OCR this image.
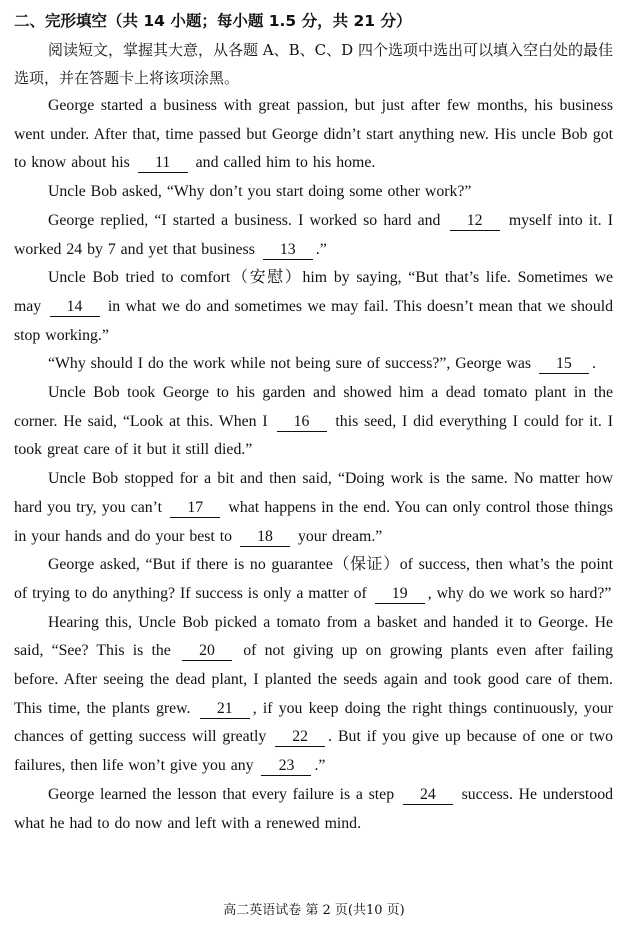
二、完形填空（共 14 小题；每小题 1.5 分，共 21 分）

阅读短文，掌握其大意，从各题 A、B、C、D 四个选项中选出可以填入空白处的最佳选项，并在答题卡上将该项涂黑。

George started a business with great passion, but just after few months, his business went under. After that, time passed but George didn’t start anything new. His uncle Bob got to know about his 11 and called him to his home.

Uncle Bob asked, “Why don’t you start doing some other work?”

George replied, “I started a business. I worked so hard and 12 myself into it. I worked 24 by 7 and yet that business 13 .”

Uncle Bob tried to comfort（安慰）him by saying, “But that’s life. Sometimes we may 14 in what we do and sometimes we may fail. This doesn’t mean that we should stop working.”

“Why should I do the work while not being sure of success?”, George was 15 .

Uncle Bob took George to his garden and showed him a dead tomato plant in the corner. He said, “Look at this. When I 16 this seed, I did everything I could for it. I took great care of it but it still died.”

Uncle Bob stopped for a bit and then said, “Doing work is the same. No matter how hard you try, you can’t 17 what happens in the end. You can only control those things in your hands and do your best to 18 your dream.”

George asked, “But if there is no guarantee（保证）of success, then what’s the point of trying to do anything? If success is only a matter of 19 , why do we work so hard?”

Hearing this, Uncle Bob picked a tomato from a basket and handed it to George. He said, “See? This is the 20 of not giving up on growing plants even after failing before. After seeing the dead plant, I planted the seeds again and took good care of them. This time, the plants grew. 21 , if you keep doing the right things continuously, your chances of getting success will greatly 22 . But if you give up because of one or two failures, then life won’t give you any 23 .”

George learned the lesson that every failure is a step 24 success. He understood what he had to do now and left with a renewed mind.

高二英语试卷 第 2 页(共10 页)
